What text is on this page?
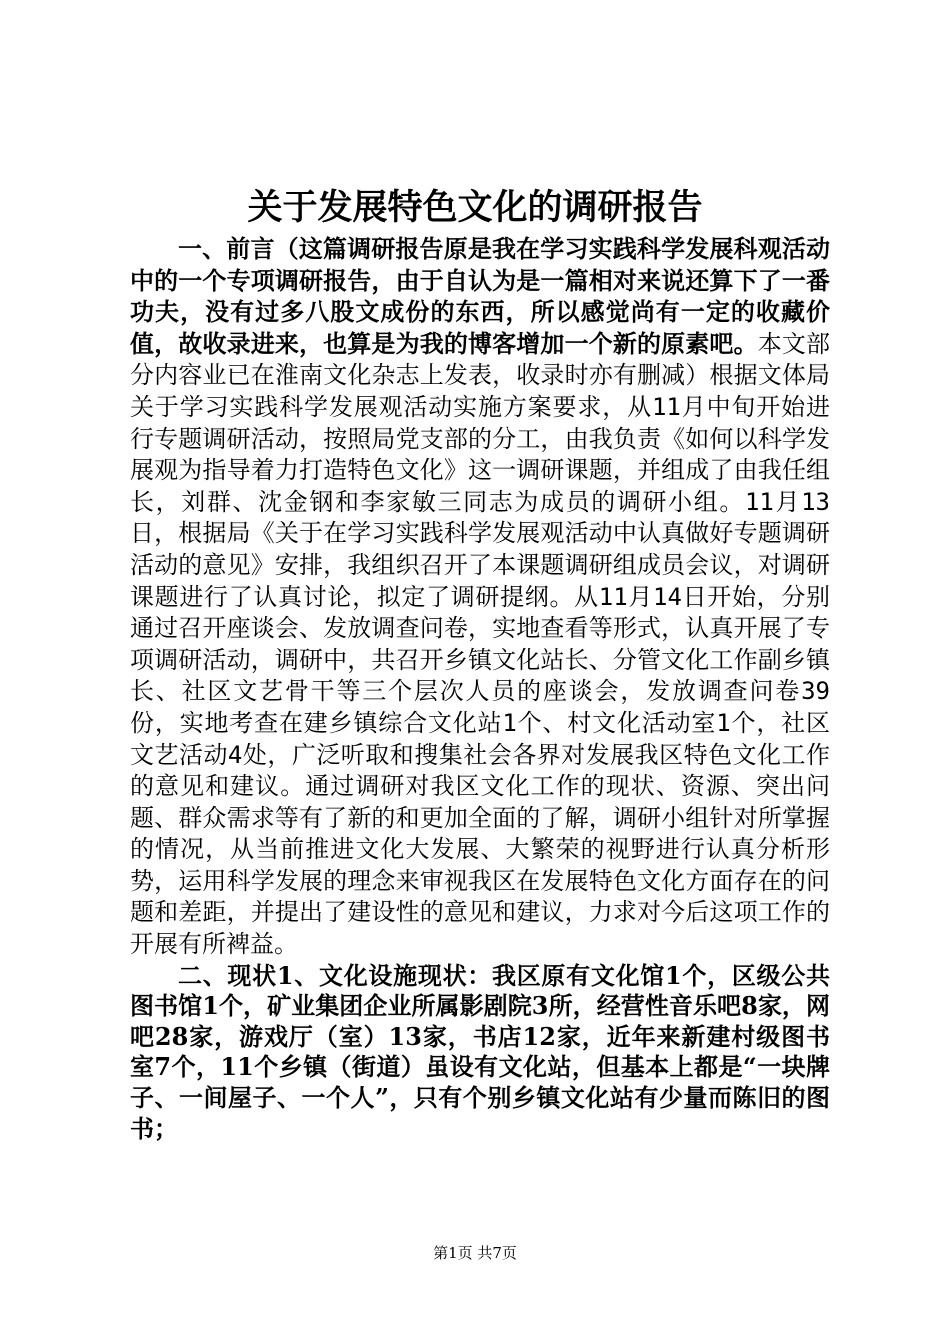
关于发展特色文化的调研报告

一、前言（这篇调研报告原是我在学习实践科学发展科观活动中的一个专项调研报告，由于自认为是一篇相对来说还算下了一番功夫，没有过多八股文成份的东西，所以感觉尚有一定的收藏价值，故收录进来，也算是为我的博客增加一个新的原素吧。本文部分内容业已在淮南文化杂志上发表，收录时亦有删减）根据文体局关于学习实践科学发展观活动实施方案要求，从11月中旬开始进行专题调研活动，按照局党支部的分工，由我负责《如何以科学发展观为指导着力打造特色文化》这一调研课题，并组成了由我任组长，刘群、沈金钢和李家敏三同志为成员的调研小组。11月13日，根据局《关于在学习实践科学发展观活动中认真做好专题调研活动的意见》安排，我组织召开了本课题调研组成员会议，对调研课题进行了认真讨论，拟定了调研提纲。从11月14日开始，分别通过召开座谈会、发放调查问卷，实地查看等形式，认真开展了专项调研活动，调研中，共召开乡镇文化站长、分管文化工作副乡镇长、社区文艺骨干等三个层次人员的座谈会，发放调查问卷39份，实地考查在建乡镇综合文化站1个、村文化活动室1个，社区文艺活动4处，广泛听取和搜集社会各界对发展我区特色文化工作的意见和建议。通过调研对我区文化工作的现状、资源、突出问题、群众需求等有了新的和更加全面的了解，调研小组针对所掌握的情况，从当前推进文化大发展、大繁荣的视野进行认真分析形势，运用科学发展的理念来审视我区在发展特色文化方面存在的问题和差距，并提出了建设性的意见和建议，力求对今后这项工作的开展有所裨益。

二、现状1、文化设施现状：我区原有文化馆1个，区级公共图书馆1个，矿业集团企业所属影剧院3所，经营性音乐吧8家，网吧28家，游戏厅（室）13家，书店12家，近年来新建村级图书室7个，11个乡镇（街道）虽设有文化站，但基本上都是“一块牌子、一间屋子、一个人”，只有个别乡镇文化站有少量而陈旧的图书；

第1页 共7页
